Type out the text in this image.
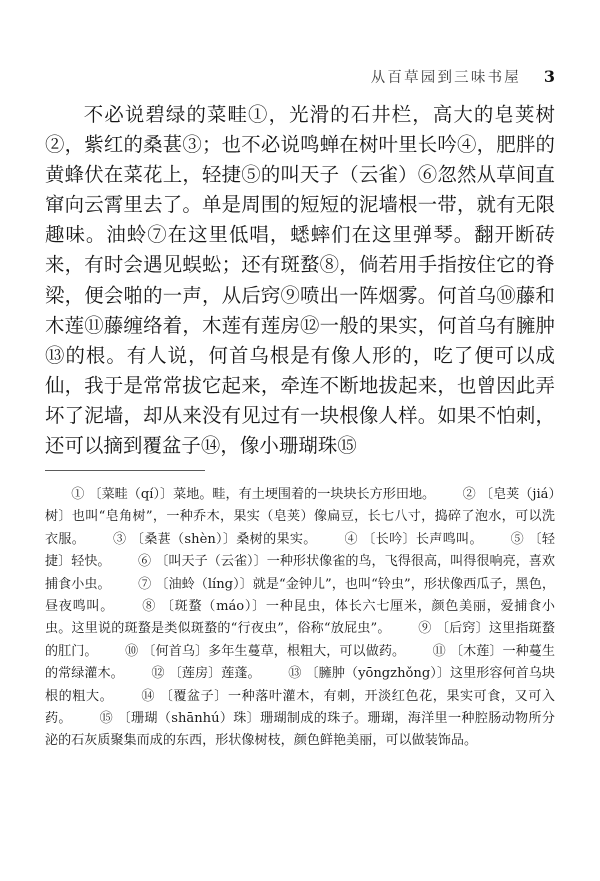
从百草园到三味书屋 3

不必说碧绿的菜畦①，光滑的石井栏，高大的皂荚树②，紫红的桑葚③；也不必说鸣蝉在树叶里长吟④，肥胖的黄蜂伏在菜花上，轻捷⑤的叫天子（云雀）⑥忽然从草间直窜向云霄里去了。单是周围的短短的泥墙根一带，就有无限趣味。油蛉⑦在这里低唱，蟋蟀们在这里弹琴。翻开断砖来，有时会遇见蜈蚣；还有斑蝥⑧，倘若用手指按住它的脊梁，便会啪的一声，从后窍⑨喷出一阵烟雾。何首乌⑩藤和木莲⑪藤缠络着，木莲有莲房⑫一般的果实，何首乌有臃肿⑬的根。有人说，何首乌根是有像人形的，吃了便可以成仙，我于是常常拔它起来，牵连不断地拔起来，也曾因此弄坏了泥墙，却从来没有见过有一块根像人样。如果不怕刺，还可以摘到覆盆子⑭，像小珊瑚珠⑮

① 〔菜畦（qí）〕菜地。畦，有土埂围着的一块块长方形田地。 ② 〔皂荚（jiá）树〕也叫“皂角树”，一种乔木，果实（皂荚）像扁豆，长七八寸，捣碎了泡水，可以洗衣服。 ③ 〔桑葚（shèn）〕桑树的果实。 ④ 〔长吟〕长声鸣叫。 ⑤ 〔轻捷〕轻快。 ⑥ 〔叫天子（云雀）〕一种形状像雀的鸟，飞得很高，叫得很响亮，喜欢捕食小虫。 ⑦ 〔油蛉（líng）〕就是“金钟儿”，也叫“铃虫”，形状像西瓜子，黑色，昼夜鸣叫。 ⑧ 〔斑蝥（máo）〕一种昆虫，体长六七厘米，颜色美丽，爱捕食小虫。这里说的斑蝥是类似斑蝥的“行夜虫”，俗称“放屁虫”。 ⑨ 〔后窍〕这里指斑蝥的肛门。 ⑩ 〔何首乌〕多年生蔓草，根粗大，可以做药。 ⑪ 〔木莲〕一种蔓生的常绿灌木。 ⑫ 〔莲房〕莲蓬。 ⑬ 〔臃肿（yōngzhǒng）〕这里形容何首乌块根的粗大。 ⑭ 〔覆盆子〕一种落叶灌木，有刺，开淡红色花，果实可食，又可入药。 ⑮ 〔珊瑚（shānhú）珠〕珊瑚制成的珠子。珊瑚，海洋里一种腔肠动物所分泌的石灰质聚集而成的东西，形状像树枝，颜色鲜艳美丽，可以做装饰品。
